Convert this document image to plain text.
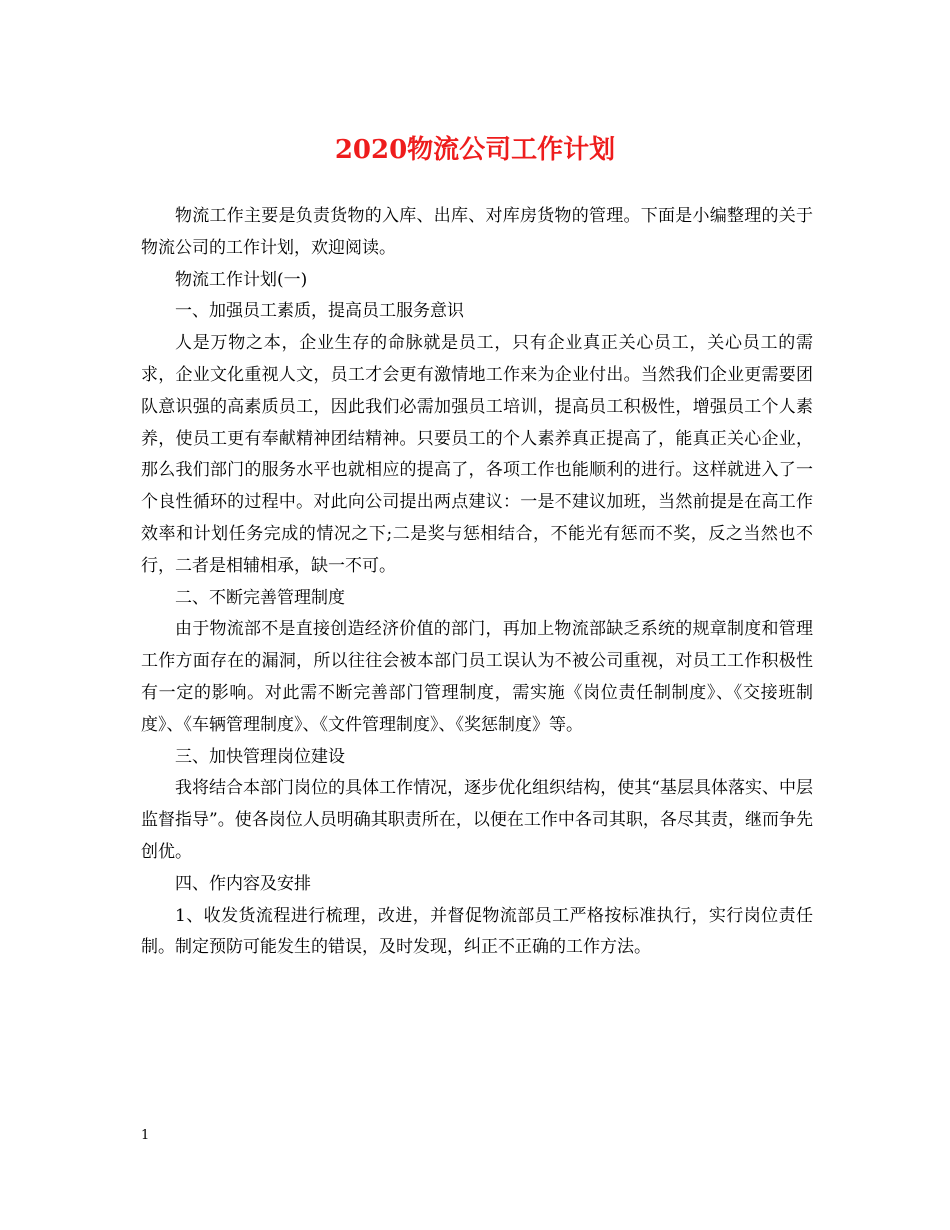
2020物流公司工作计划

物流工作主要是负责货物的入库、出库、对库房货物的管理。下面是小编整理的关于物流公司的工作计划，欢迎阅读。

物流工作计划(一)

一、加强员工素质，提高员工服务意识

人是万物之本，企业生存的命脉就是员工，只有企业真正关心员工，关心员工的需求，企业文化重视人文，员工才会更有激情地工作来为企业付出。当然我们企业更需要团队意识强的高素质员工，因此我们必需加强员工培训，提高员工积极性，增强员工个人素养，使员工更有奉献精神团结精神。只要员工的个人素养真正提高了，能真正关心企业，那么我们部门的服务水平也就相应的提高了，各项工作也能顺利的进行。这样就进入了一个良性循环的过程中。对此向公司提出两点建议：一是不建议加班，当然前提是在高工作效率和计划任务完成的情况之下;二是奖与惩相结合，不能光有惩而不奖，反之当然也不行，二者是相辅相承，缺一不可。

二、不断完善管理制度

由于物流部不是直接创造经济价值的部门，再加上物流部缺乏系统的规章制度和管理工作方面存在的漏洞，所以往往会被本部门员工误认为不被公司重视，对员工工作积极性有一定的影响。对此需不断完善部门管理制度，需实施《岗位责任制制度》、《交接班制度》、《车辆管理制度》、《文件管理制度》、《奖惩制度》等。

三、加快管理岗位建设

我将结合本部门岗位的具体工作情况，逐步优化组织结构，使其“基层具体落实、中层监督指导”。使各岗位人员明确其职责所在，以便在工作中各司其职，各尽其责，继而争先创优。

四、作内容及安排

1、收发货流程进行梳理，改进，并督促物流部员工严格按标准执行，实行岗位责任制。制定预防可能发生的错误，及时发现，纠正不正确的工作方法。

1
